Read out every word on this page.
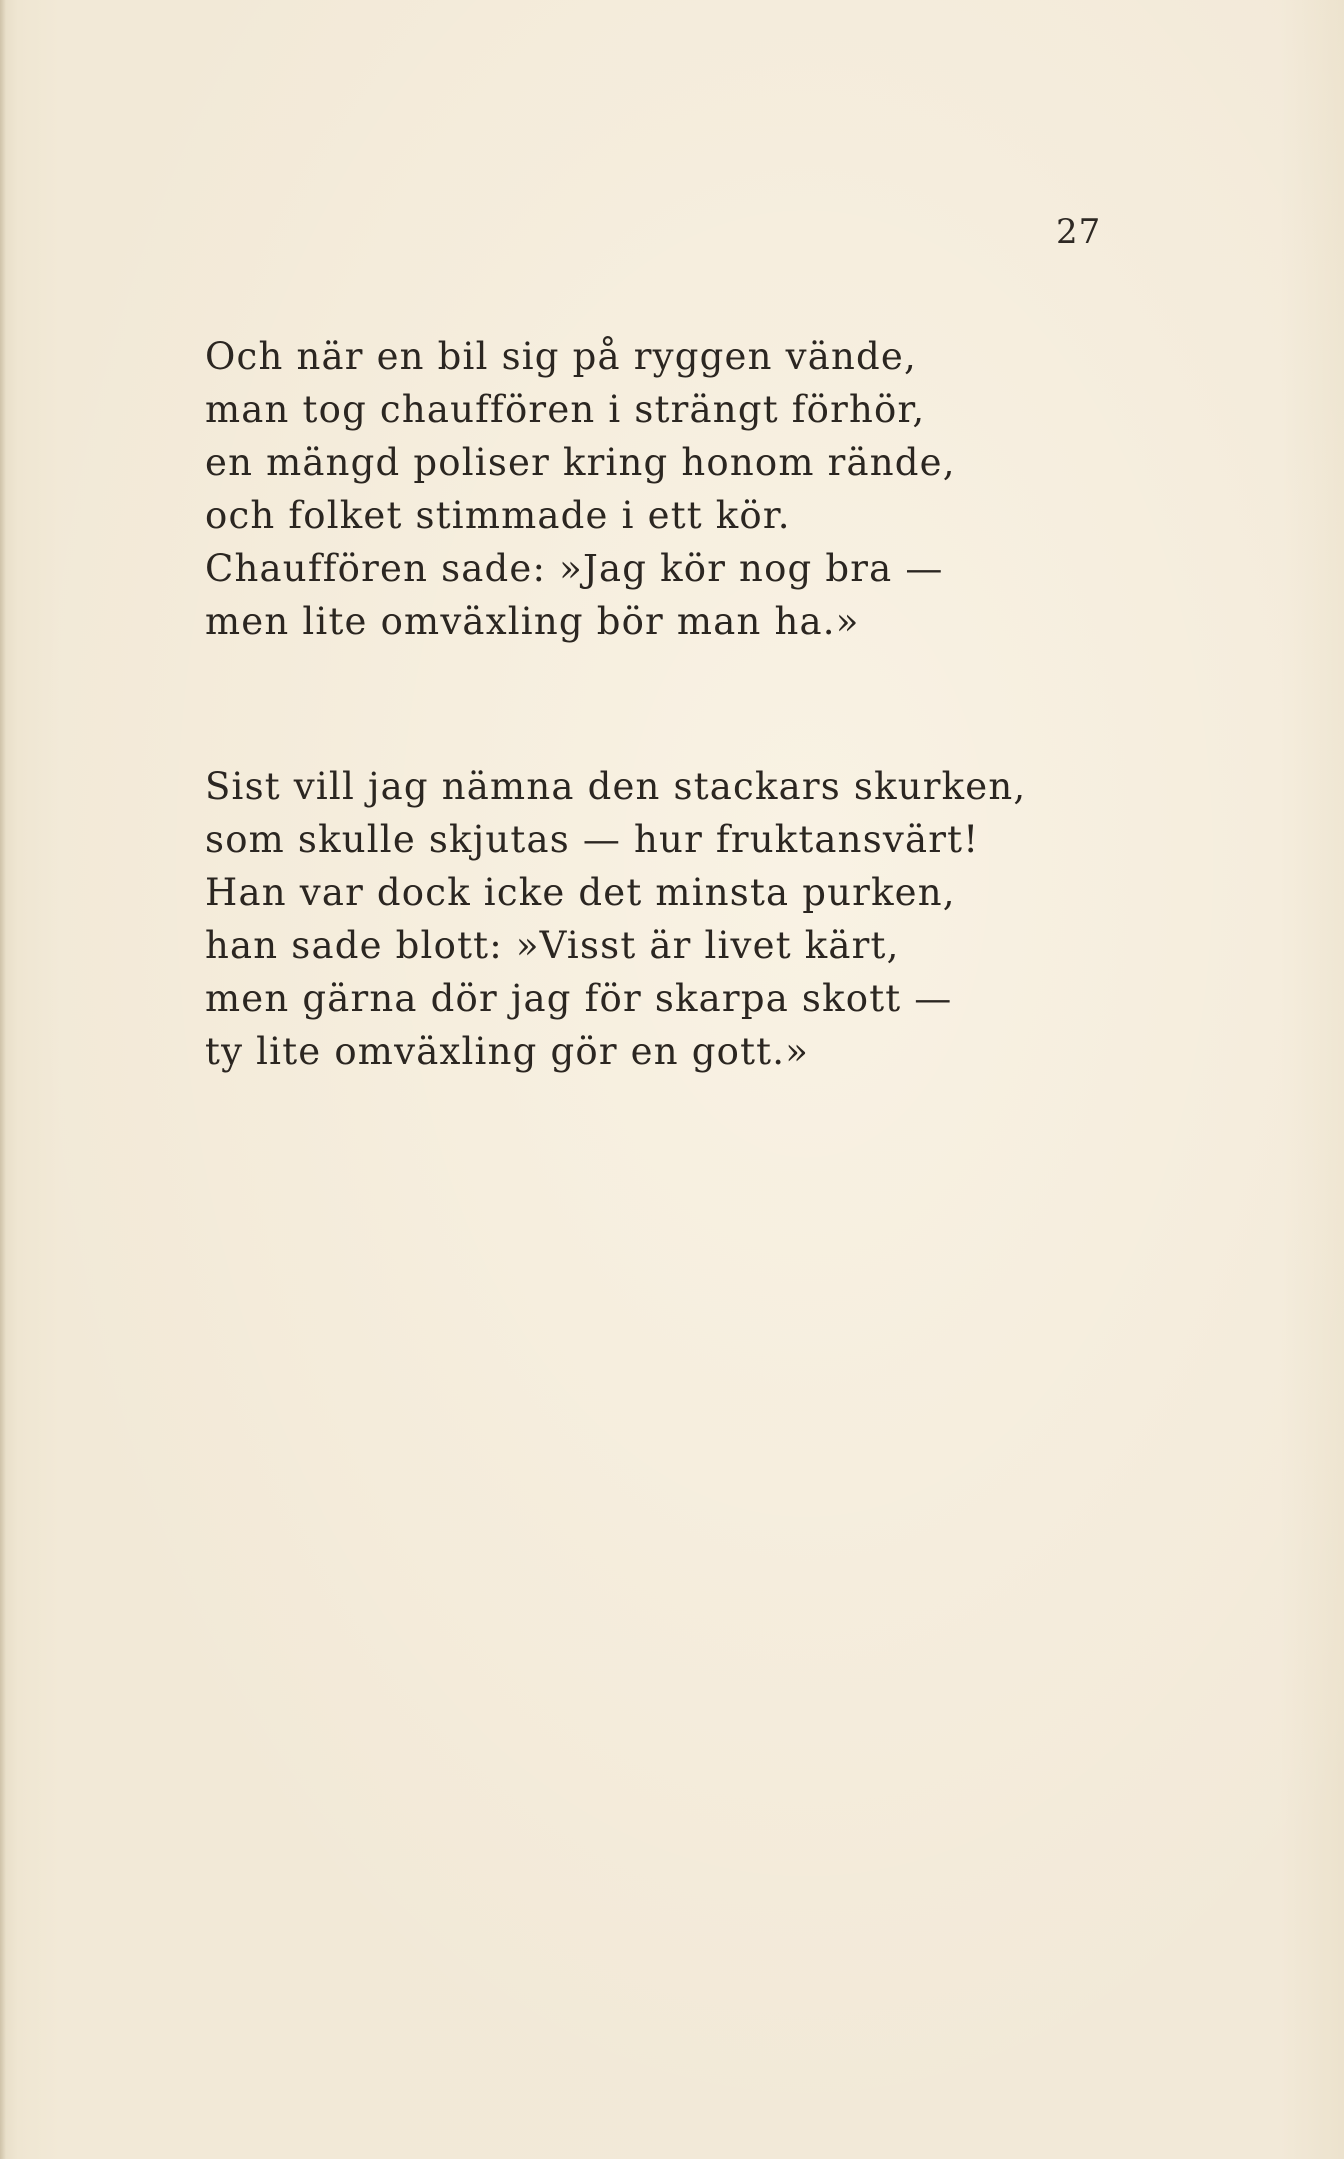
27
Och när en bil sig på ryggen vände,
man tog chauffören i strängt förhör,
en mängd poliser kring honom rände,
och folket stimmade i ett kör.
Chauffören sade: »Jag kör nog bra —
men lite omväxling bör man ha.»
Sist vill jag nämna den stackars skurken,
som skulle skjutas — hur fruktansvärt!
Han var dock icke det minsta purken,
han sade blott: »Visst är livet kärt,
men gärna dör jag för skarpa skott —
ty lite omväxling gör en gott.»
